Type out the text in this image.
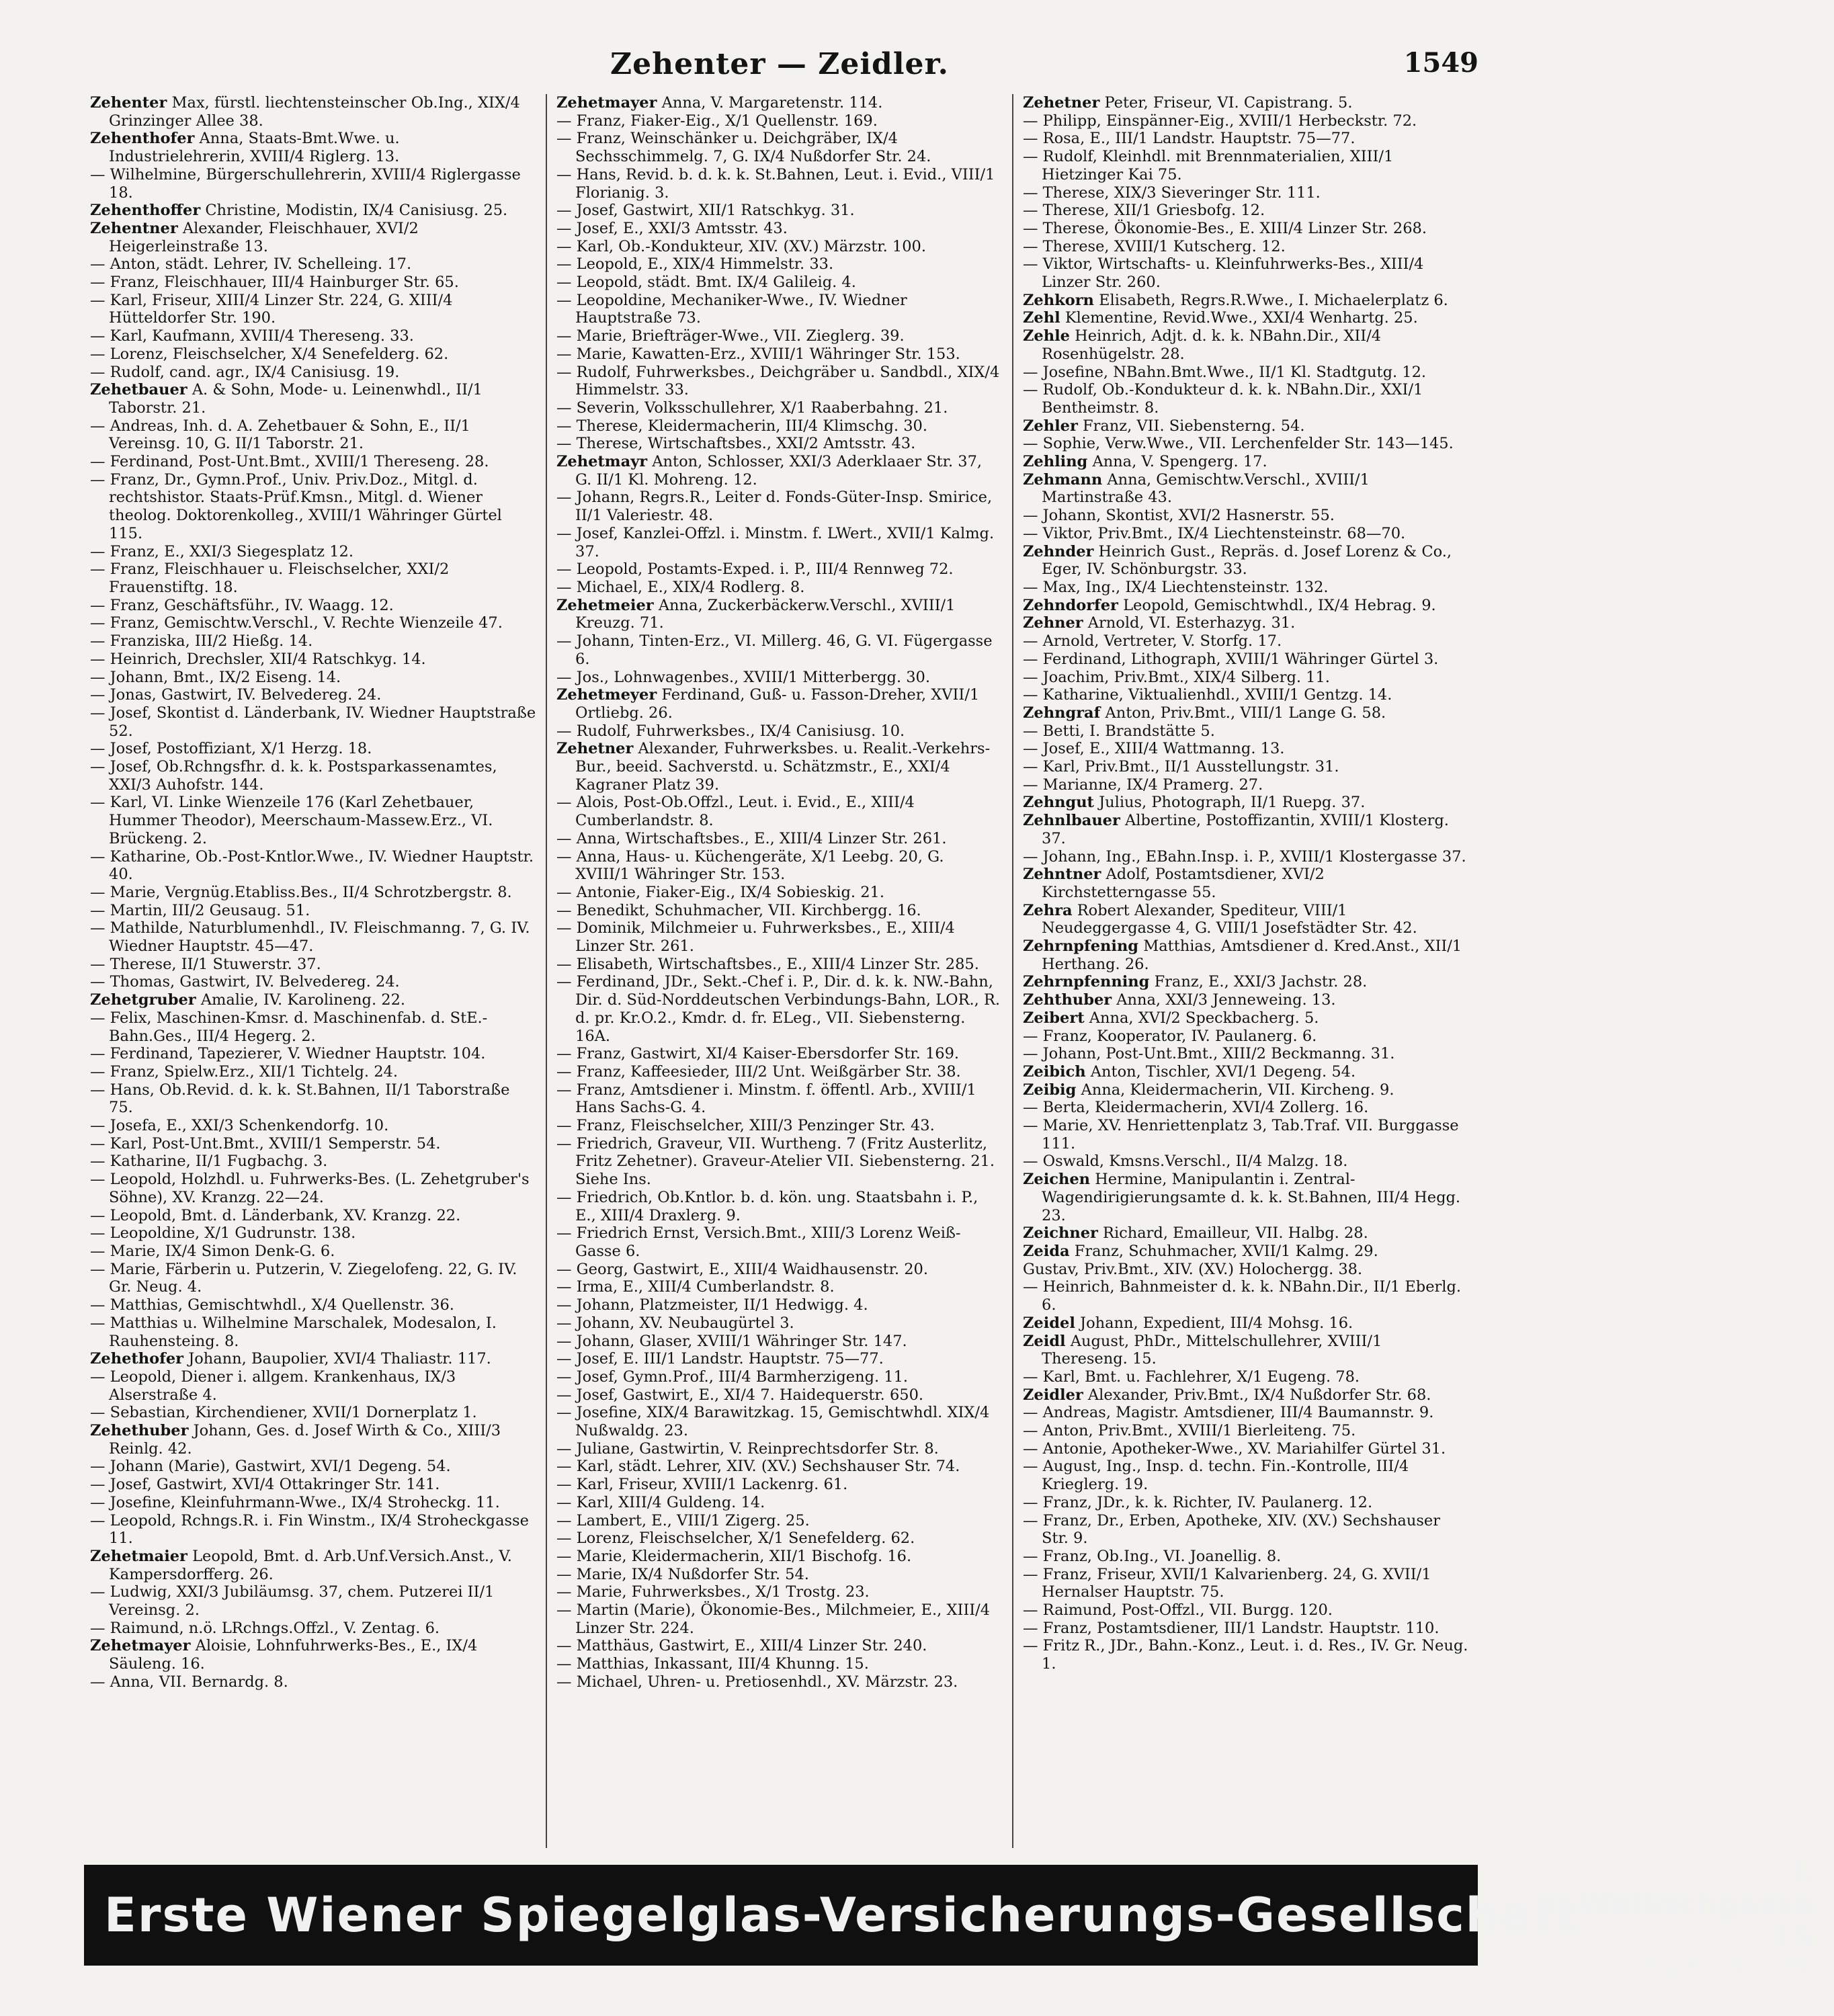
Zehenter — Zeidler.	1549
Zehenter Max, fürstl. liechtensteinscher Ob.Ing., XIX/4 Grinzinger Allee 38.
Zehenthofer Anna, Staats-Bmt.Wwe. u. Industrielehrerin, XVIII/4 Riglerg. 13.
— Wilhelmine, Bürgerschullehrerin, XVIII/4 Riglergasse 18.
Zehenthoffer Christine, Modistin, IX/4 Canisiusg. 25.
Zehentner Alexander, Fleischhauer, XVI/2 Heigerleinstraße 13.
— Anton, städt. Lehrer, IV. Schelleing. 17.
— Franz, Fleischhauer, III/4 Hainburger Str. 65.
— Karl, Friseur, XIII/4 Linzer Str. 224, G. XIII/4 Hütteldorfer Str. 190.
— Karl, Kaufmann, XVIII/4 Thereseng. 33.
— Lorenz, Fleischselcher, X/4 Senefelderg. 62.
— Rudolf, cand. agr., IX/4 Canisiusg. 19.
Zehetbauer A. & Sohn, Mode- u. Leinenwhdl., II/1 Taborstr. 21.
— Andreas, Inh. d. A. Zehetbauer & Sohn, E., II/1 Vereinsg. 10, G. II/1 Taborstr. 21.
— Ferdinand, Post-Unt.Bmt., XVIII/1 Thereseng. 28.
— Franz, Dr., Gymn.Prof., Univ. Priv.Doz., Mitgl. d. rechtshistor. Staats-Prüf.Kmsn., Mitgl. d. Wiener theolog. Doktorenkolleg., XVIII/1 Währinger Gürtel 115.
— Franz, E., XXI/3 Siegesplatz 12.
— Franz, Fleischhauer u. Fleischselcher, XXI/2 Frauenstiftg. 18.
— Franz, Geschäftsführ., IV. Waagg. 12.
— Franz, Gemischtw.Verschl., V. Rechte Wienzeile 47.
— Franziska, III/2 Hießg. 14.
— Heinrich, Drechsler, XII/4 Ratschkyg. 14.
— Johann, Bmt., IX/2 Eiseng. 14.
— Jonas, Gastwirt, IV. Belvedereg. 24.
— Josef, Skontist d. Länderbank, IV. Wiedner Hauptstraße 52.
— Josef, Postoffiziant, X/1 Herzg. 18.
— Josef, Ob.Rchngsfhr. d. k. k. Postsparkassenamtes, XXI/3 Auhofstr. 144.
— Karl, VI. Linke Wienzeile 176 (Karl Zehetbauer, Hummer Theodor), Meerschaum-Massew.Erz., VI. Brückeng. 2.
— Katharine, Ob.-Post-Kntlor.Wwe., IV. Wiedner Hauptstr. 40.
— Marie, Vergnüg.Etabliss.Bes., II/4 Schrotzbergstr. 8.
— Martin, III/2 Geusaug. 51.
— Mathilde, Naturblumenhdl., IV. Fleischmanng. 7, G. IV. Wiedner Hauptstr. 45—47.
— Therese, II/1 Stuwerstr. 37.
— Thomas, Gastwirt, IV. Belvedereg. 24.
Zehetgruber Amalie, IV. Karolineng. 22.
— Felix, Maschinen-Kmsr. d. Maschinenfab. d. StE.-Bahn.Ges., III/4 Hegerg. 2.
— Ferdinand, Tapezierer, V. Wiedner Hauptstr. 104.
— Franz, Spielw.Erz., XII/1 Tichtelg. 24.
— Hans, Ob.Revid. d. k. k. St.Bahnen, II/1 Taborstraße 75.
— Josefa, E., XXI/3 Schenkendorfg. 10.
— Karl, Post-Unt.Bmt., XVIII/1 Semperstr. 54.
— Katharine, II/1 Fugbachg. 3.
— Leopold, Holzhdl. u. Fuhrwerks-Bes. (L. Zehetgruber's Söhne), XV. Kranzg. 22—24.
— Leopold, Bmt. d. Länderbank, XV. Kranzg. 22.
— Leopoldine, X/1 Gudrunstr. 138.
— Marie, IX/4 Simon Denk-G. 6.
— Marie, Färberin u. Putzerin, V. Ziegelofeng. 22, G. IV. Gr. Neug. 4.
— Matthias, Gemischtwhdl., X/4 Quellenstr. 36.
— Matthias u. Wilhelmine Marschalek, Modesalon, I. Rauhensteing. 8.
Zehethofer Johann, Baupolier, XVI/4 Thaliastr. 117.
— Leopold, Diener i. allgem. Krankenhaus, IX/3 Alserstraße 4.
— Sebastian, Kirchendiener, XVII/1 Dornerplatz 1.
Zehethuber Johann, Ges. d. Josef Wirth & Co., XIII/3 Reinlg. 42.
— Johann (Marie), Gastwirt, XVI/1 Degeng. 54.
— Josef, Gastwirt, XVI/4 Ottakringer Str. 141.
— Josefine, Kleinfuhrmann-Wwe., IX/4 Stroheckg. 11.
— Leopold, Rchngs.R. i. Fin Winstm., IX/4 Stroheckgasse 11.
Zehetmaier Leopold, Bmt. d. Arb.Unf.Versich.Anst., V. Kampersdorfferg. 26.
— Ludwig, XXI/3 Jubiläumsg. 37, chem. Putzerei II/1 Vereinsg. 2.
— Raimund, n.ö. LRchngs.Offzl., V. Zentag. 6.
Zehetmayer Aloisie, Lohnfuhrwerks-Bes., E., IX/4 Säuleng. 16.
— Anna, VII. Bernardg. 8.
Zehetmayer Anna, V. Margaretenstr. 114.
— Franz, Fiaker-Eig., X/1 Quellenstr. 169.
— Franz, Weinschänker u. Deichgräber, IX/4 Sechsschimmelg. 7, G. IX/4 Nußdorfer Str. 24.
— Hans, Revid. b. d. k. k. St.Bahnen, Leut. i. Evid., VIII/1 Florianig. 3.
— Josef, Gastwirt, XII/1 Ratschkyg. 31.
— Josef, E., XXI/3 Amtsstr. 43.
— Karl, Ob.-Kondukteur, XIV. (XV.) Märzstr. 100.
— Leopold, E., XIX/4 Himmelstr. 33.
— Leopold, städt. Bmt. IX/4 Galileig. 4.
— Leopoldine, Mechaniker-Wwe., IV. Wiedner Hauptstraße 73.
— Marie, Briefträger-Wwe., VII. Zieglerg. 39.
— Marie, Kawatten-Erz., XVIII/1 Währinger Str. 153.
— Rudolf, Fuhrwerksbes., Deichgräber u. Sandbdl., XIX/4 Himmelstr. 33.
— Severin, Volksschullehrer, X/1 Raaberbahng. 21.
— Therese, Kleidermacherin, III/4 Klimschg. 30.
— Therese, Wirtschaftsbes., XXI/2 Amtsstr. 43.
Zehetmayr Anton, Schlosser, XXI/3 Aderklaaer Str. 37, G. II/1 Kl. Mohreng. 12.
— Johann, Regrs.R., Leiter d. Fonds-Güter-Insp. Smirice, II/1 Valeriestr. 48.
— Josef, Kanzlei-Offzl. i. Minstm. f. LWert., XVII/1 Kalmg. 37.
— Leopold, Postamts-Exped. i. P., III/4 Rennweg 72.
— Michael, E., XIX/4 Rodlerg. 8.
Zehetmeier Anna, Zuckerbäckerw.Verschl., XVIII/1 Kreuzg. 71.
— Johann, Tinten-Erz., VI. Millerg. 46, G. VI. Fügergasse 6.
— Jos., Lohnwagenbes., XVIII/1 Mitterbergg. 30.
Zehetmeyer Ferdinand, Guß- u. Fasson-Dreher, XVII/1 Ortliebg. 26.
— Rudolf, Fuhrwerksbes., IX/4 Canisiusg. 10.
Zehetner Alexander, Fuhrwerksbes. u. Realit.-Verkehrs-Bur., beeid. Sachverstd. u. Schätzmstr., E., XXI/4 Kagraner Platz 39.
— Alois, Post-Ob.Offzl., Leut. i. Evid., E., XIII/4 Cumberlandstr. 8.
— Anna, Wirtschaftsbes., E., XIII/4 Linzer Str. 261.
— Anna, Haus- u. Küchengeräte, X/1 Leebg. 20, G. XVIII/1 Währinger Str. 153.
— Antonie, Fiaker-Eig., IX/4 Sobieskig. 21.
— Benedikt, Schuhmacher, VII. Kirchbergg. 16.
— Dominik, Milchmeier u. Fuhrwerksbes., E., XIII/4 Linzer Str. 261.
— Elisabeth, Wirtschaftsbes., E., XIII/4 Linzer Str. 285.
— Ferdinand, JDr., Sekt.-Chef i. P., Dir. d. k. k. NW.-Bahn, Dir. d. Süd-Norddeutschen Verbindungs-Bahn, LOR., R. d. pr. Kr.O.2., Kmdr. d. fr. ELeg., VII. Siebensterng. 16A.
— Franz, Gastwirt, XI/4 Kaiser-Ebersdorfer Str. 169.
— Franz, Kaffeesieder, III/2 Unt. Weißgärber Str. 38.
— Franz, Amtsdiener i. Minstm. f. öffentl. Arb., XVIII/1 Hans Sachs-G. 4.
— Franz, Fleischselcher, XIII/3 Penzinger Str. 43.
— Friedrich, Graveur, VII. Wurtheng. 7 (Fritz Austerlitz, Fritz Zehetner). Graveur-Atelier VII. Siebensterng. 21. Siehe Ins.
— Friedrich, Ob.Kntlor. b. d. kön. ung. Staatsbahn i. P., E., XIII/4 Draxlerg. 9.
— Friedrich Ernst, Versich.Bmt., XIII/3 Lorenz Weiß-Gasse 6.
— Georg, Gastwirt, E., XIII/4 Waidhausenstr. 20.
— Irma, E., XIII/4 Cumberlandstr. 8.
— Johann, Platzmeister, II/1 Hedwigg. 4.
— Johann, XV. Neubaugürtel 3.
— Johann, Glaser, XVIII/1 Währinger Str. 147.
— Josef, E. III/1 Landstr. Hauptstr. 75—77.
— Josef, Gymn.Prof., III/4 Barmherzigeng. 11.
— Josef, Gastwirt, E., XI/4 7. Haidequerstr. 650.
— Josefine, XIX/4 Barawitzkag. 15, Gemischtwhdl. XIX/4 Nußwaldg. 23.
— Juliane, Gastwirtin, V. Reinprechtsdorfer Str. 8.
— Karl, städt. Lehrer, XIV. (XV.) Sechshauser Str. 74.
— Karl, Friseur, XVIII/1 Lackenrg. 61.
— Karl, XIII/4 Guldeng. 14.
— Lambert, E., VIII/1 Zigerg. 25.
— Lorenz, Fleischselcher, X/1 Senefelderg. 62.
— Marie, Kleidermacherin, XII/1 Bischofg. 16.
— Marie, IX/4 Nußdorfer Str. 54.
— Marie, Fuhrwerksbes., X/1 Trostg. 23.
— Martin (Marie), Ökonomie-Bes., Milchmeier, E., XIII/4 Linzer Str. 224.
— Matthäus, Gastwirt, E., XIII/4 Linzer Str. 240.
— Matthias, Inkassant, III/4 Khunng. 15.
— Michael, Uhren- u. Pretiosenhdl., XV. Märzstr. 23.
Zehetner Peter, Friseur, VI. Capistrang. 5.
— Philipp, Einspänner-Eig., XVIII/1 Herbeckstr. 72.
— Rosa, E., III/1 Landstr. Hauptstr. 75—77.
— Rudolf, Kleinhdl. mit Brennmaterialien, XIII/1 Hietzinger Kai 75.
— Therese, XIX/3 Sieveringer Str. 111.
— Therese, XII/1 Griesbofg. 12.
— Therese, Ökonomie-Bes., E. XIII/4 Linzer Str. 268.
— Therese, XVIII/1 Kutscherg. 12.
— Viktor, Wirtschafts- u. Kleinfuhrwerks-Bes., XIII/4 Linzer Str. 260.
Zehkorn Elisabeth, Regrs.R.Wwe., I. Michaelerplatz 6.
Zehl Klementine, Revid.Wwe., XXI/4 Wenhartg. 25.
Zehle Heinrich, Adjt. d. k. k. NBahn.Dir., XII/4 Rosenhügelstr. 28.
— Josefine, NBahn.Bmt.Wwe., II/1 Kl. Stadtgutg. 12.
— Rudolf, Ob.-Kondukteur d. k. k. NBahn.Dir., XXI/1 Bentheimstr. 8.
Zehler Franz, VII. Siebensterng. 54.
— Sophie, Verw.Wwe., VII. Lerchenfelder Str. 143—145.
Zehling Anna, V. Spengerg. 17.
Zehmann Anna, Gemischtw.Verschl., XVIII/1 Martinstraße 43.
— Johann, Skontist, XVI/2 Hasnerstr. 55.
— Viktor, Priv.Bmt., IX/4 Liechtensteinstr. 68—70.
Zehnder Heinrich Gust., Repräs. d. Josef Lorenz & Co., Eger, IV. Schönburgstr. 33.
— Max, Ing., IX/4 Liechtensteinstr. 132.
Zehndorfer Leopold, Gemischtwhdl., IX/4 Hebrag. 9.
Zehner Arnold, VI. Esterhazyg. 31.
— Arnold, Vertreter, V. Storfg. 17.
— Ferdinand, Lithograph, XVIII/1 Währinger Gürtel 3.
— Joachim, Priv.Bmt., XIX/4 Silberg. 11.
— Katharine, Viktualienhdl., XVIII/1 Gentzg. 14.
Zehngraf Anton, Priv.Bmt., VIII/1 Lange G. 58.
— Betti, I. Brandstätte 5.
— Josef, E., XIII/4 Wattmanng. 13.
— Karl, Priv.Bmt., II/1 Ausstellungstr. 31.
— Marianne, IX/4 Pramerg. 27.
Zehngut Julius, Photograph, II/1 Ruepg. 37.
Zehnlbauer Albertine, Postoffizantin, XVIII/1 Klosterg. 37.
— Johann, Ing., EBahn.Insp. i. P., XVIII/1 Klostergasse 37.
Zehntner Adolf, Postamtsdiener, XVI/2 Kirchstetterngasse 55.
Zehra Robert Alexander, Spediteur, VIII/1 Neudeggergasse 4, G. VIII/1 Josefstädter Str. 42.
Zehrnpfening Matthias, Amtsdiener d. Kred.Anst., XII/1 Herthang. 26.
Zehrnpfenning Franz, E., XXI/3 Jachstr. 28.
Zehthuber Anna, XXI/3 Jenneweing. 13.
Zeibert Anna, XVI/2 Speckbacherg. 5.
— Franz, Kooperator, IV. Paulanerg. 6.
— Johann, Post-Unt.Bmt., XIII/2 Beckmanng. 31.
Zeibich Anton, Tischler, XVI/1 Degeng. 54.
Zeibig Anna, Kleidermacherin, VII. Kircheng. 9.
— Berta, Kleidermacherin, XVI/4 Zollerg. 16.
— Marie, XV. Henriettenplatz 3, Tab.Traf. VII. Burggasse 111.
— Oswald, Kmsns.Verschl., II/4 Malzg. 18.
Zeichen Hermine, Manipulantin i. Zentral-Wagendirigierungsamte d. k. k. St.Bahnen, III/4 Hegg. 23.
Zeichner Richard, Emailleur, VII. Halbg. 28.
Zeida Franz, Schuhmacher, XVII/1 Kalmg. 29.
Gustav, Priv.Bmt., XIV. (XV.) Holochergg. 38.
— Heinrich, Bahnmeister d. k. k. NBahn.Dir., II/1 Eberlg. 6.
Zeidel Johann, Expedient, III/4 Mohsg. 16.
Zeidl August, PhDr., Mittelschullehrer, XVIII/1 Thereseng. 15.
— Karl, Bmt. u. Fachlehrer, X/1 Eugeng. 78.
Zeidler Alexander, Priv.Bmt., IX/4 Nußdorfer Str. 68.
— Andreas, Magistr. Amtsdiener, III/4 Baumannstr. 9.
— Anton, Priv.Bmt., XVIII/1 Bierleiteng. 75.
— Antonie, Apotheker-Wwe., XV. Mariahilfer Gürtel 31.
— August, Ing., Insp. d. techn. Fin.-Kontrolle, III/4 Krieglerg. 19.
— Franz, JDr., k. k. Richter, IV. Paulanerg. 12.
— Franz, Dr., Erben, Apotheke, XIV. (XV.) Sechshauser Str. 9.
— Franz, Ob.Ing., VI. Joanellig. 8.
— Franz, Friseur, XVII/1 Kalvarienberg. 24, G. XVII/1 Hernalser Hauptstr. 75.
— Raimund, Post-Offzl., VII. Burgg. 120.
— Franz, Postamtsdiener, III/1 Landstr. Hauptstr. 110.
— Fritz R., JDr., Bahn.-Konz., Leut. i. d. Res., IV. Gr. Neug. 1.
Erste Wiener Spiegelglas-Versicherungs-Gesellschaft
I. Wallischgasse 15
Telephon Nr. 3406.
